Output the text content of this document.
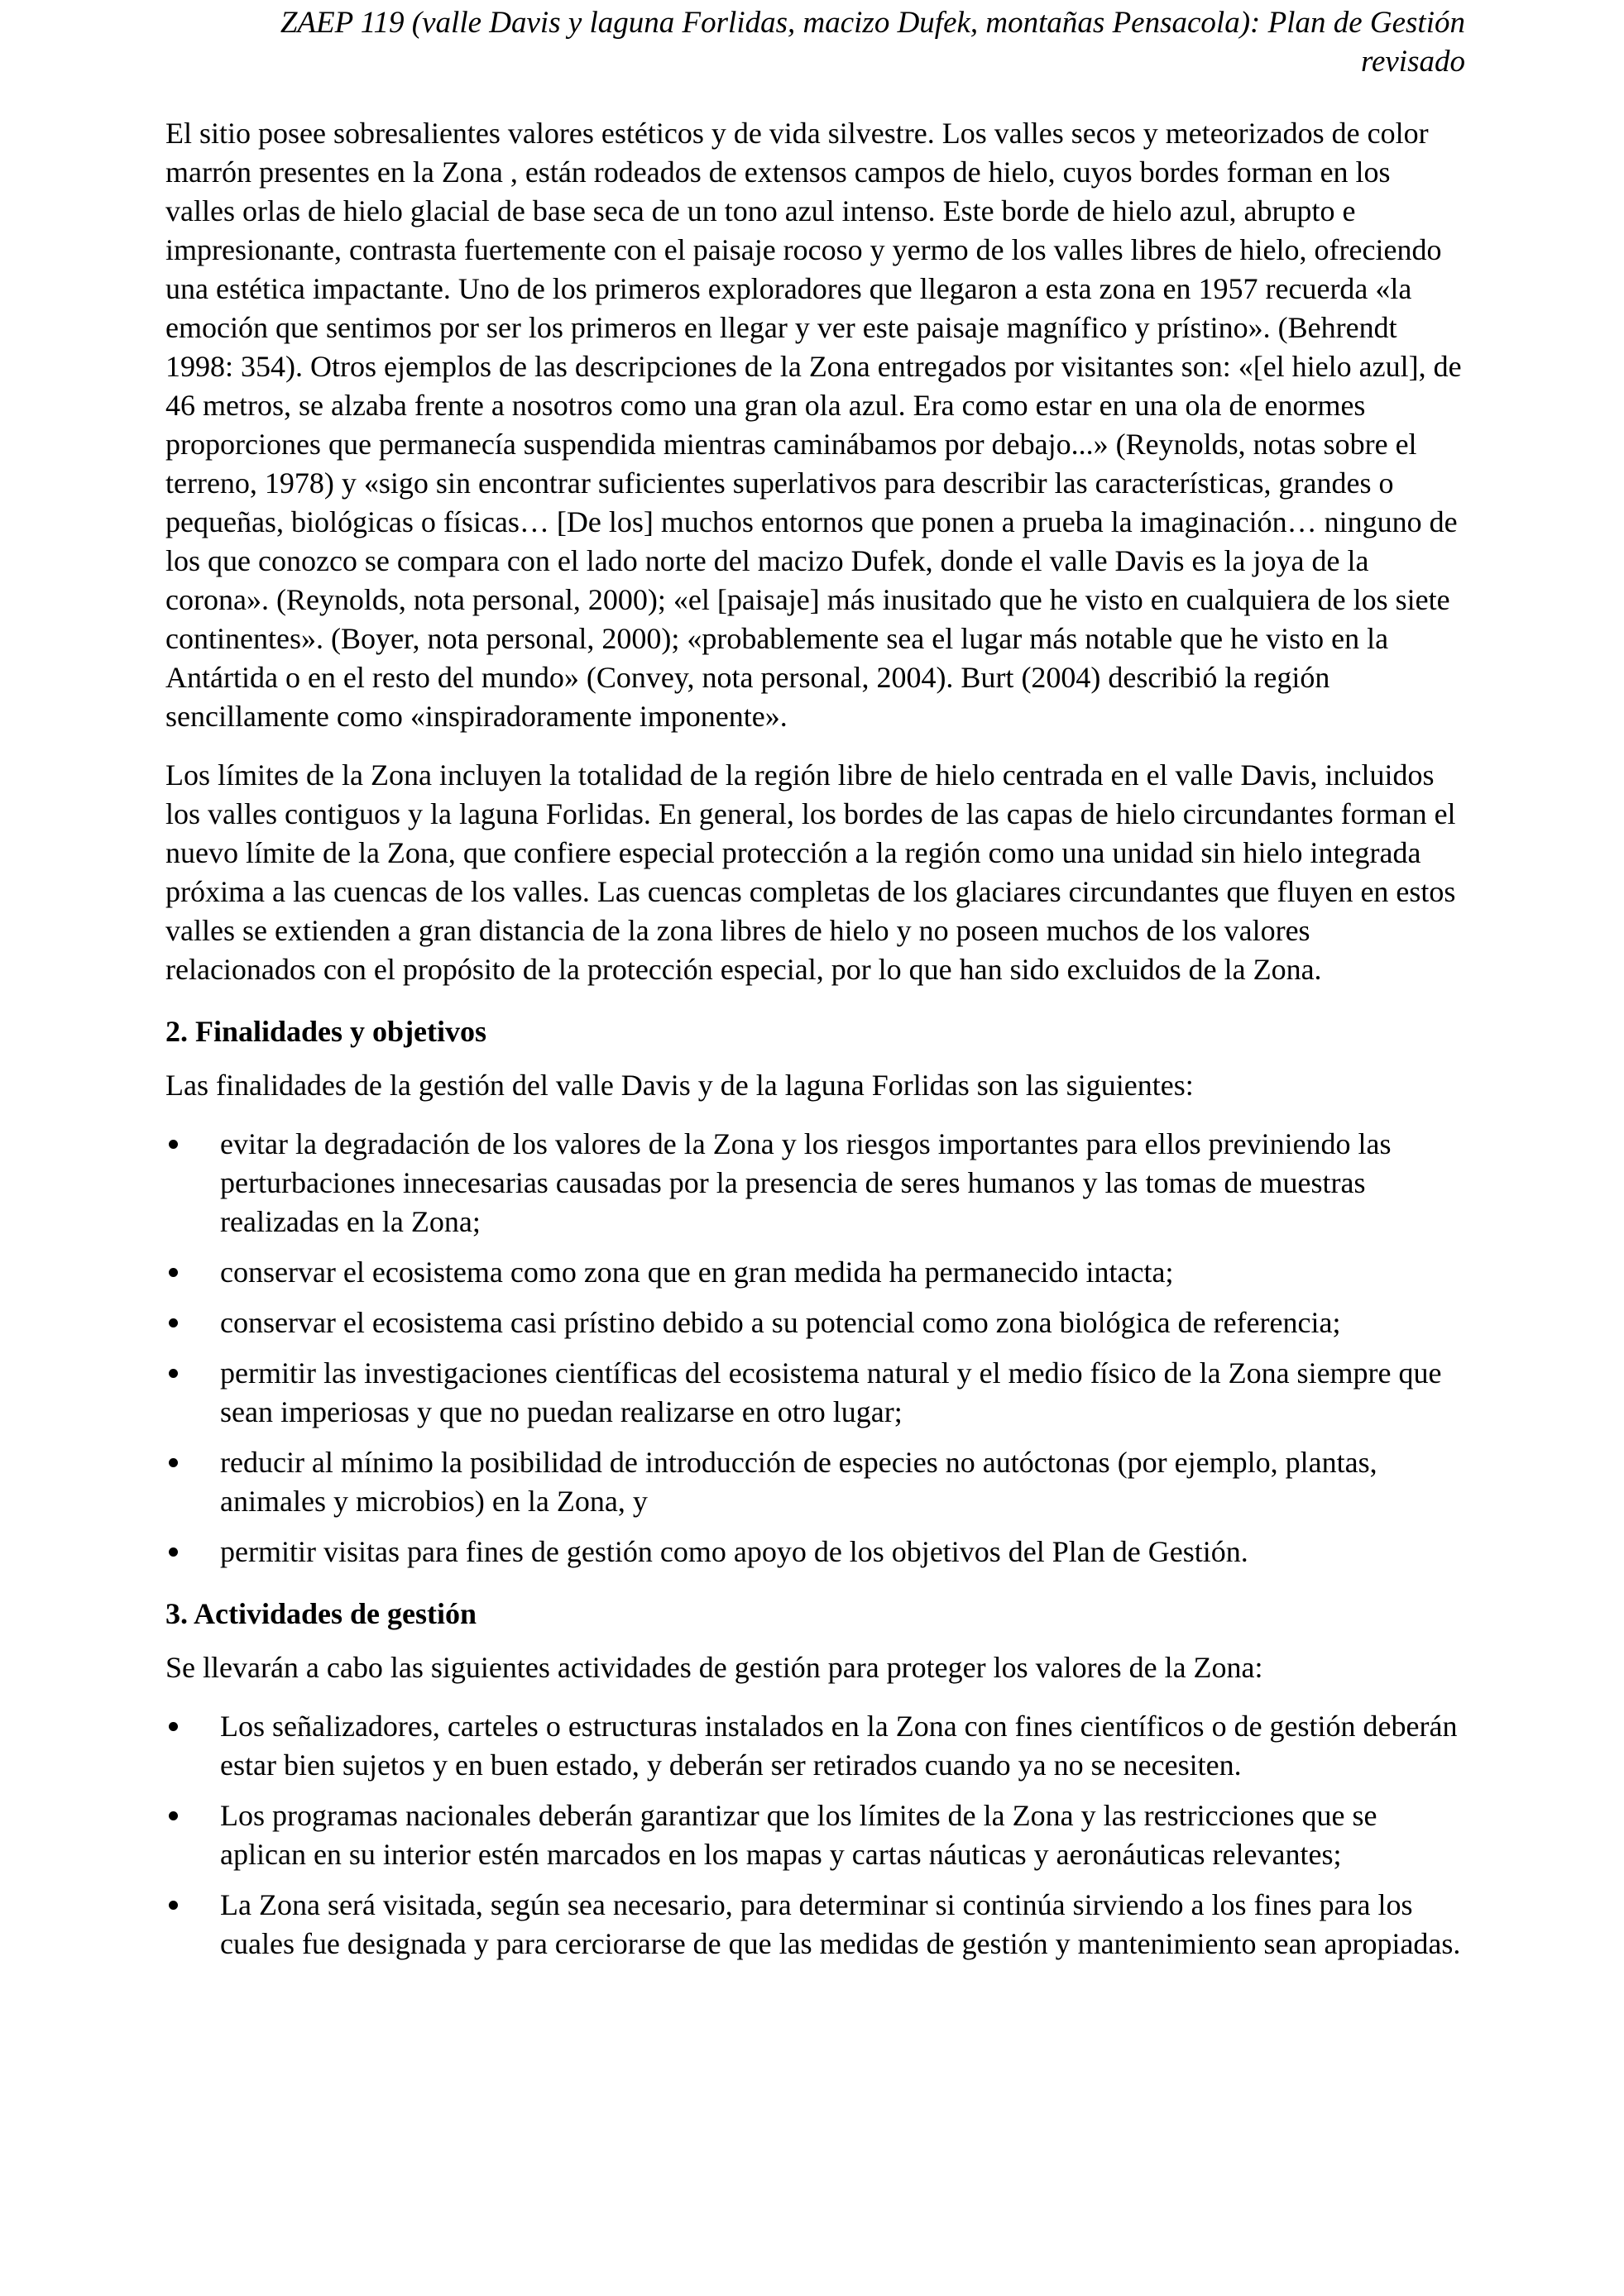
ZAEP 119 (valle Davis y laguna Forlidas, macizo Dufek, montañas Pensacola): Plan de Gestión revisado

El sitio posee sobresalientes valores estéticos y de vida silvestre. Los valles secos y meteorizados de color marrón presentes en la Zona , están rodeados de extensos campos de hielo, cuyos bordes forman en los valles orlas de hielo glacial de base seca de un tono azul intenso. Este borde de hielo azul, abrupto e impresionante, contrasta fuertemente con el paisaje rocoso y yermo de los valles libres de hielo, ofreciendo una estética impactante. Uno de los primeros exploradores que llegaron a esta zona en 1957 recuerda «la emoción que sentimos por ser los primeros en llegar y ver este paisaje magnífico y prístino». (Behrendt 1998: 354). Otros ejemplos de las descripciones de la Zona entregados por visitantes son: «[el hielo azul], de 46 metros, se alzaba frente a nosotros como una gran ola azul. Era como estar en una ola de enormes proporciones que permanecía suspendida mientras caminábamos por debajo...» (Reynolds, notas sobre el terreno, 1978) y «sigo sin encontrar suficientes superlativos para describir las características, grandes o pequeñas, biológicas o físicas… [De los] muchos entornos que ponen a prueba la imaginación… ninguno de los que conozco se compara con el lado norte del macizo Dufek, donde el valle Davis es la joya de la corona». (Reynolds, nota personal, 2000); «el [paisaje] más inusitado que he visto en cualquiera de los siete continentes». (Boyer, nota personal, 2000); «probablemente sea el lugar más notable que he visto en la Antártida o en el resto del mundo» (Convey, nota personal, 2004). Burt (2004) describió la región sencillamente como «inspiradoramente imponente».

Los límites de la Zona incluyen la totalidad de la región libre de hielo centrada en el valle Davis, incluidos los valles contiguos y la laguna Forlidas. En general, los bordes de las capas de hielo circundantes forman el nuevo límite de la Zona, que confiere especial protección a la región como una unidad sin hielo integrada próxima a las cuencas de los valles. Las cuencas completas de los glaciares circundantes que fluyen en estos valles se extienden a gran distancia de la zona libres de hielo y no poseen muchos de los valores relacionados con el propósito de la protección especial, por lo que han sido excluidos de la Zona.

2. Finalidades y objetivos

Las finalidades de la gestión del valle Davis y de la laguna Forlidas son las siguientes:

evitar la degradación de los valores de la Zona y los riesgos importantes para ellos previniendo las perturbaciones innecesarias causadas por la presencia de seres humanos y las tomas de muestras realizadas en la Zona;
conservar el ecosistema como zona que en gran medida ha permanecido intacta;
conservar el ecosistema casi prístino debido a su potencial como zona biológica de referencia;
permitir las investigaciones científicas del ecosistema natural y el medio físico de la Zona siempre que sean imperiosas y que no puedan realizarse en otro lugar;
reducir al mínimo la posibilidad de introducción de especies no autóctonas (por ejemplo, plantas, animales y microbios) en la Zona, y
permitir visitas para fines de gestión como apoyo de los objetivos del Plan de Gestión.
3. Actividades de gestión

Se llevarán a cabo las siguientes actividades de gestión para proteger los valores de la Zona:

Los señalizadores, carteles o estructuras instalados en la Zona con fines científicos o de gestión deberán estar bien sujetos y en buen estado, y deberán ser retirados cuando ya no se necesiten.
Los programas nacionales deberán garantizar que los límites de la Zona y las restricciones que se aplican en su interior estén marcados en los mapas y cartas náuticas y aeronáuticas relevantes;
La Zona será visitada, según sea necesario, para determinar si continúa sirviendo a los fines para los cuales fue designada y para cerciorarse de que las medidas de gestión y mantenimiento sean apropiadas.
